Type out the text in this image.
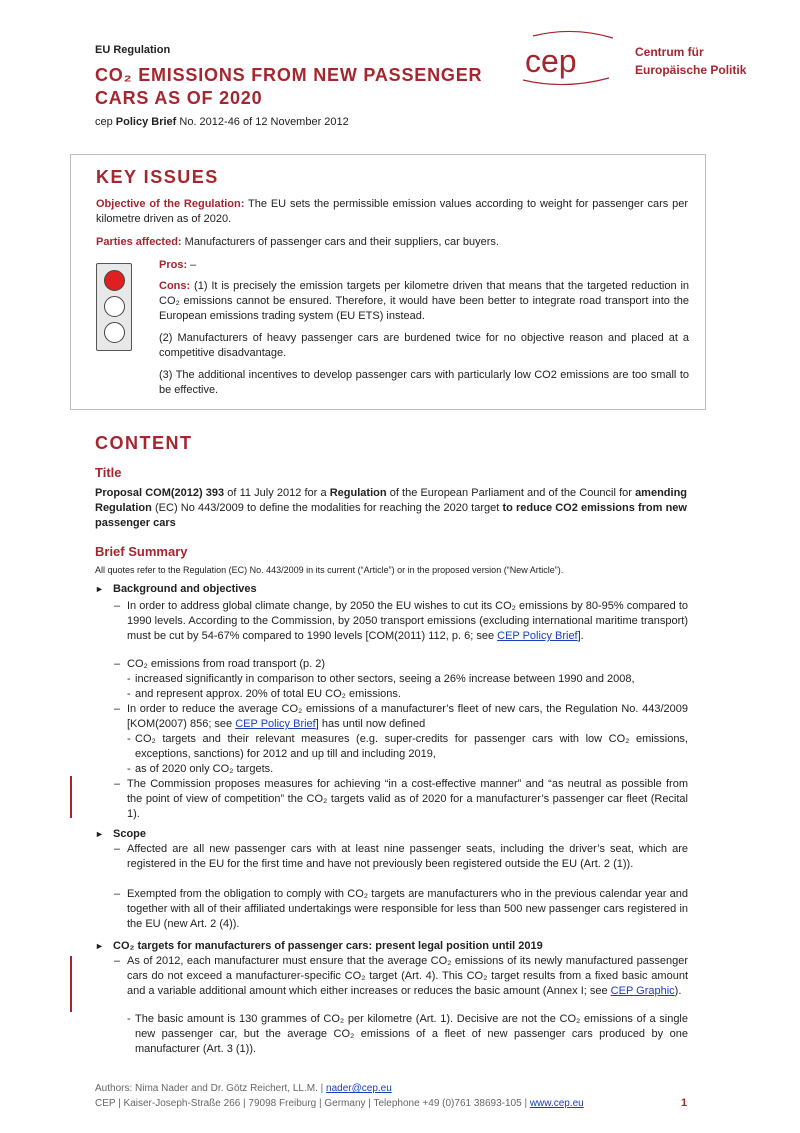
EU Regulation
CO₂ EMISSIONS FROM NEW PASSENGER CARS AS OF 2020
cep Policy Brief No. 2012-46 of 12 November 2012
cep	Centrum für
Europäische Politik
KEY ISSUES
Objective of the Regulation: The EU sets the permissible emission values according to weight for passenger cars per kilometre driven as of 2020.
Parties affected: Manufacturers of passenger cars and their suppliers, car buyers.
Pros: –
Cons: (1) It is precisely the emission targets per kilometre driven that means that the targeted reduction in CO₂ emissions cannot be ensured. Therefore, it would have been better to integrate road transport into the European emissions trading system (EU ETS) instead.
(2) Manufacturers of heavy passenger cars are burdened twice for no objective reason and placed at a competitive disadvantage.
(3) The additional incentives to develop passenger cars with particularly low CO2 emissions are too small to be effective.
CONTENT
Title
Proposal COM(2012) 393 of 11 July 2012 for a Regulation of the European Parliament and of the Council for amending Regulation (EC) No 443/2009 to define the modalities for reaching the 2020 target to reduce CO2 emissions from new passenger cars
Brief Summary
All quotes refer to the Regulation (EC) No. 443/2009 in its current (“Article”) or in the proposed version (“New Article”).
► Background and objectives
– In order to address global climate change, by 2050 the EU wishes to cut its CO₂ emissions by 80-95% compared to 1990 levels. According to the Commission, by 2050 transport emissions (excluding international maritime transport) must be cut by 54-67% compared to 1990 levels [COM(2011) 112, p. 6; see CEP Policy Brief].
– CO₂ emissions from road transport (p. 2)
- increased significantly in comparison to other sectors, seeing a 26% increase between 1990 and 2008,
- and represent approx. 20% of total EU CO₂ emissions.
– In order to reduce the average CO₂ emissions of a manufacturer’s fleet of new cars, the Regulation No. 443/2009 [KOM(2007) 856; see CEP Policy Brief] has until now defined
- CO₂ targets and their relevant measures (e.g. super-credits for passenger cars with low CO₂ emissions, exceptions, sanctions) for 2012 and up till and including 2019,
- as of 2020 only CO₂ targets.
– The Commission proposes measures for achieving “in a cost-effective manner” and “as neutral as possible from the point of view of competition” the CO₂ targets valid as of 2020 for a manufacturer’s passenger car fleet (Recital 1).
► Scope
– Affected are all new passenger cars with at least nine passenger seats, including the driver’s seat, which are registered in the EU for the first time and have not previously been registered outside the EU (Art. 2 (1)).
– Exempted from the obligation to comply with CO₂ targets are manufacturers who in the previous calendar year and together with all of their affiliated undertakings were responsible for less than 500 new passenger cars registered in the EU (new Art. 2 (4)).
► CO₂ targets for manufacturers of passenger cars: present legal position until 2019
– As of 2012, each manufacturer must ensure that the average CO₂ emissions of its newly manufactured passenger cars do not exceed a manufacturer-specific CO₂ target (Art. 4). This CO₂ target results from a fixed basic amount and a variable additional amount which either increases or reduces the basic amount (Annex I; see CEP Graphic).
- The basic amount is 130 grammes of CO₂ per kilometre (Art. 1). Decisive are not the CO₂ emissions of a single new passenger car, but the average CO₂ emissions of a fleet of new passenger cars produced by one manufacturer (Art. 3 (1)).
Authors: Nima Nader and Dr. Götz Reichert, LL.M. | nader@cep.eu
CEP | Kaiser-Joseph-Straße 266 | 79098 Freiburg | Germany | Telephone +49 (0)761 38693-105 | www.cep.eu	1
